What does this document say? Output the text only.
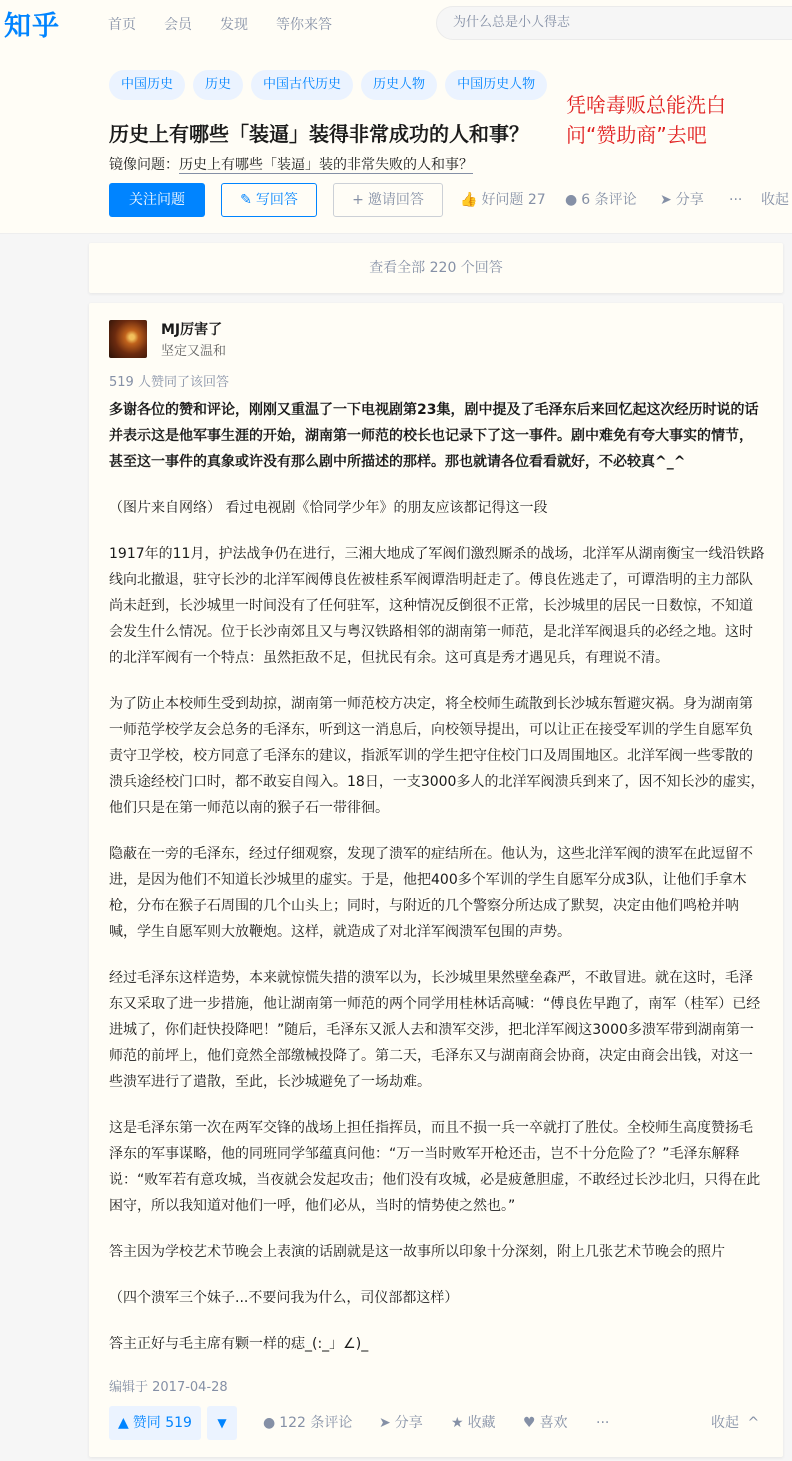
知乎	首页 会员 发现 等你来答	为什么总是小人得志
中国历史	历史	中国古代历史	历史人物	中国历史人物
凭啥毒贩总能洗白
问“赞助商”去吧
历史上有哪些「装逼」装得非常成功的人和事？
镜像问题：历史上有哪些「装逼」装的非常失败的人和事？
关注问题	✎ 写回答	+ 邀请回答	👍 好问题 27 ● 6 条评论 ➤ 分享 ··· 收起
查看全部 220 个回答
MJ厉害了
坚定又温和
519 人赞同了该回答

多谢各位的赞和评论，刚刚又重温了一下电视剧第23集，剧中提及了毛泽东后来回忆起这次经历时说的话并表示这是他军事生涯的开始，湖南第一师范的校长也记录下了这一事件。剧中难免有夸大事实的情节，甚至这一事件的真象或许没有那么剧中所描述的那样。那也就请各位看看就好，不必较真^_^

（图片来自网络） 看过电视剧《恰同学少年》的朋友应该都记得这一段

1917年的11月，护法战争仍在进行，三湘大地成了军阀们激烈厮杀的战场，北洋军从湖南衡宝一线沿铁路线向北撤退，驻守长沙的北洋军阀傅良佐被桂系军阀谭浩明赶走了。傅良佐逃走了，可谭浩明的主力部队尚未赶到，长沙城里一时间没有了任何驻军，这种情况反倒很不正常，长沙城里的居民一日数惊，不知道会发生什么情况。位于长沙南郊且又与粤汉铁路相邻的湖南第一师范，是北洋军阀退兵的必经之地。这时的北洋军阀有一个特点：虽然拒敌不足，但扰民有余。这可真是秀才遇见兵，有理说不清。

为了防止本校师生受到劫掠，湖南第一师范校方决定，将全校师生疏散到长沙城东暂避灾祸。身为湖南第一师范学校学友会总务的毛泽东，听到这一消息后，向校领导提出，可以让正在接受军训的学生自愿军负责守卫学校，校方同意了毛泽东的建议，指派军训的学生把守住校门口及周围地区。北洋军阀一些零散的溃兵途经校门口时，都不敢妄自闯入。18日，一支3000多人的北洋军阀溃兵到来了，因不知长沙的虚实，他们只是在第一师范以南的猴子石一带徘徊。

隐蔽在一旁的毛泽东，经过仔细观察，发现了溃军的症结所在。他认为，这些北洋军阀的溃军在此逗留不进，是因为他们不知道长沙城里的虚实。于是，他把400多个军训的学生自愿军分成3队，让他们手拿木枪，分布在猴子石周围的几个山头上；同时，与附近的几个警察分所达成了默契，决定由他们鸣枪并呐喊，学生自愿军则大放鞭炮。这样，就造成了对北洋军阀溃军包围的声势。

经过毛泽东这样造势，本来就惊慌失措的溃军以为，长沙城里果然壁垒森严，不敢冒进。就在这时，毛泽东又采取了进一步措施，他让湖南第一师范的两个同学用桂林话高喊：“傅良佐早跑了，南军（桂军）已经进城了，你们赶快投降吧！”随后，毛泽东又派人去和溃军交涉，把北洋军阀这3000多溃军带到湖南第一师范的前坪上，他们竟然全部缴械投降了。第二天，毛泽东又与湖南商会协商，决定由商会出钱，对这一些溃军进行了遣散，至此，长沙城避免了一场劫难。

这是毛泽东第一次在两军交锋的战场上担任指挥员，而且不损一兵一卒就打了胜仗。全校师生高度赞扬毛泽东的军事谋略，他的同班同学邹蕴真问他：“万一当时败军开枪还击，岂不十分危险了？”毛泽东解释说：“败军若有意攻城，当夜就会发起攻击；他们没有攻城，必是疲惫胆虚，不敢经过长沙北归，只得在此困守，所以我知道对他们一呼，他们必从，当时的情势使之然也。”

答主因为学校艺术节晚会上表演的话剧就是这一故事所以印象十分深刻，附上几张艺术节晚会的照片

（四个溃军三个妹子...不要问我为什么，司仪部都这样）

答主正好与毛主席有颗一样的痣_(:_」∠)_

编辑于 2017-04-28
▲ 赞同 519	▼	● 122 条评论 ➤ 分享 ★ 收藏 ♥ 喜欢 ···	收起 ^
